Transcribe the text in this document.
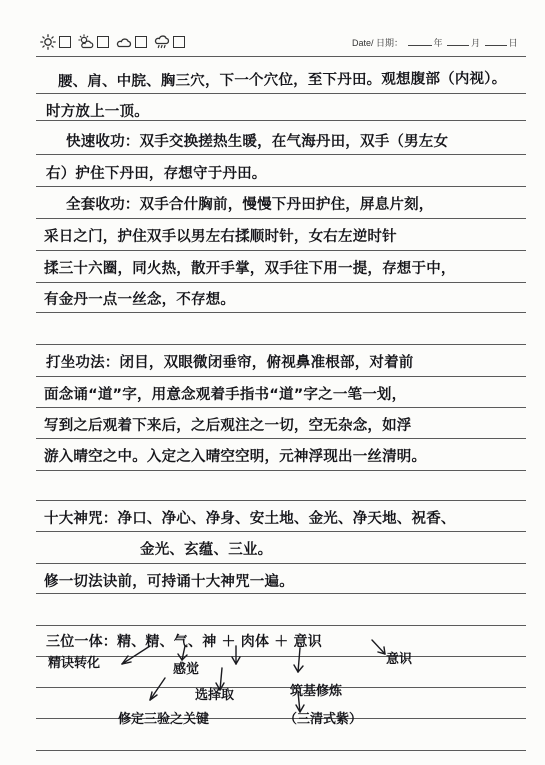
Date/ 日期：	年	月	日
腰、肩、中脘、胸三穴，下一个穴位，至下丹田。观想腹部（内视）。
时方放上一顶。
快速收功：双手交换搓热生暖，在气海丹田，双手（男左女
右）护住下丹田，存想守于丹田。
全套收功：双手合什胸前，慢慢下丹田护住，屏息片刻，
采日之门，护住双手以男左右揉顺时针，女右左逆时针
揉三十六圈，同火热，散开手掌，双手往下用一提，存想于中，
有金丹一点一丝念，不存想。
打坐功法：闭目，双眼微闭垂帘，俯视鼻准根部，对着前
面念诵“道”字，用意念观着手指书“道”字之一笔一划，
写到之后观着下来后，之后观注之一切，空无杂念，如浮
游入晴空之中。入定之入晴空空明，元神浮现出一丝清明。
十大神咒：净口、净心、净身、安土地、金光、净天地、祝香、
金光、玄蕴、三业。
修一切法诀前，可持诵十大神咒一遍。
三位一体：精、精、气、神 ＋ 肉体 ＋ 意识
精诀转化	感觉
选择取	筑基修炼
意识
修定三验之关键	（三清式紫）
